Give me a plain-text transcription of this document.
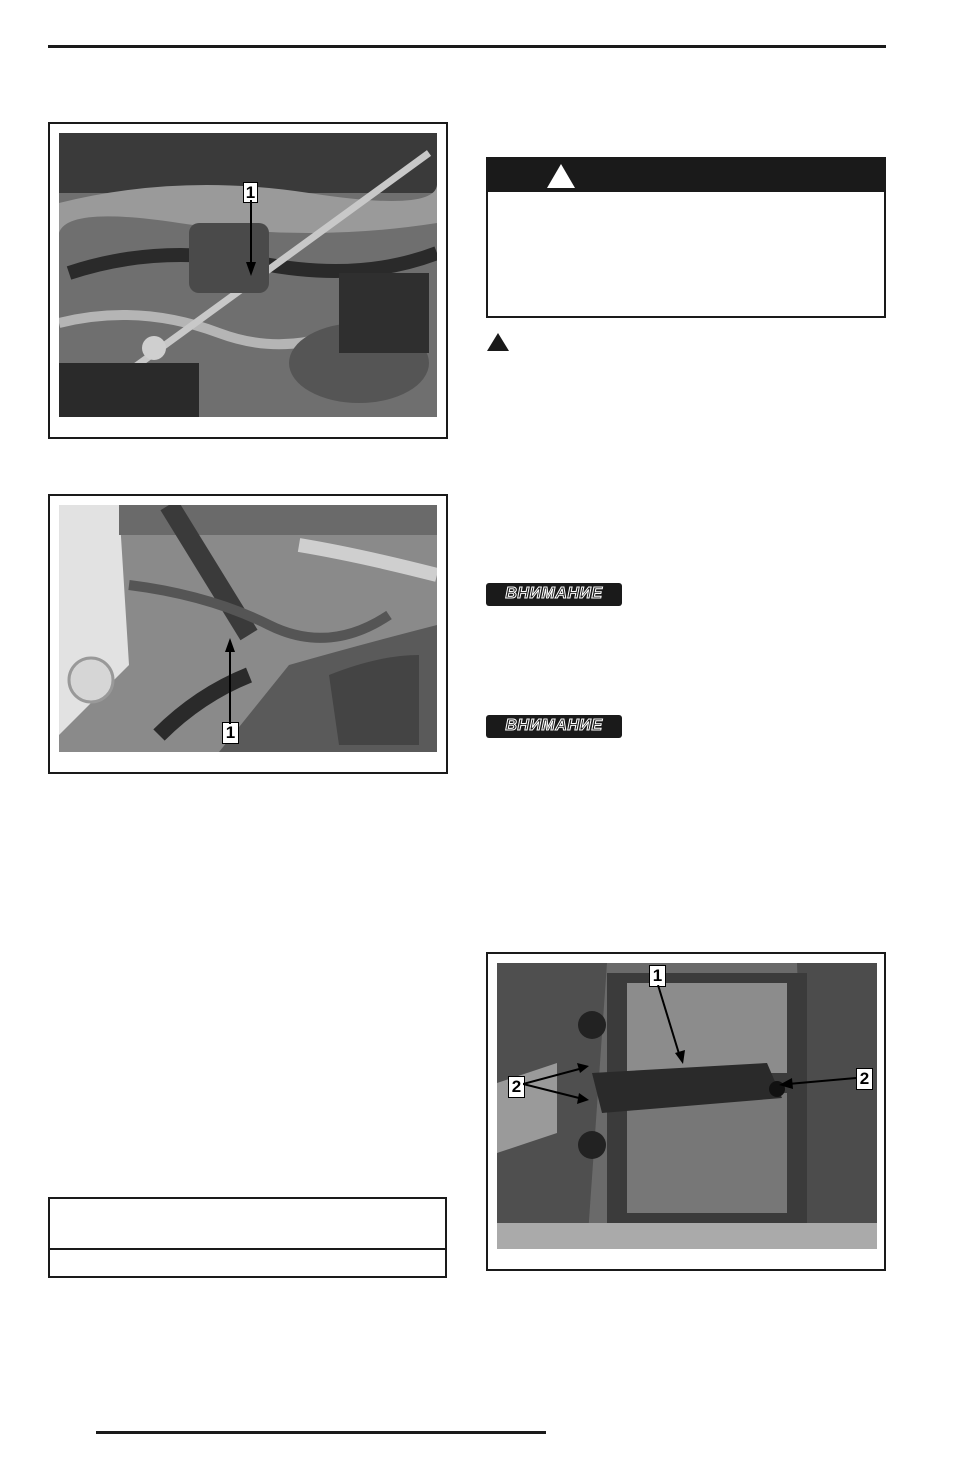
1
1
ВНИМАНИЕ
ВНИМАНИЕ
1
2	2
